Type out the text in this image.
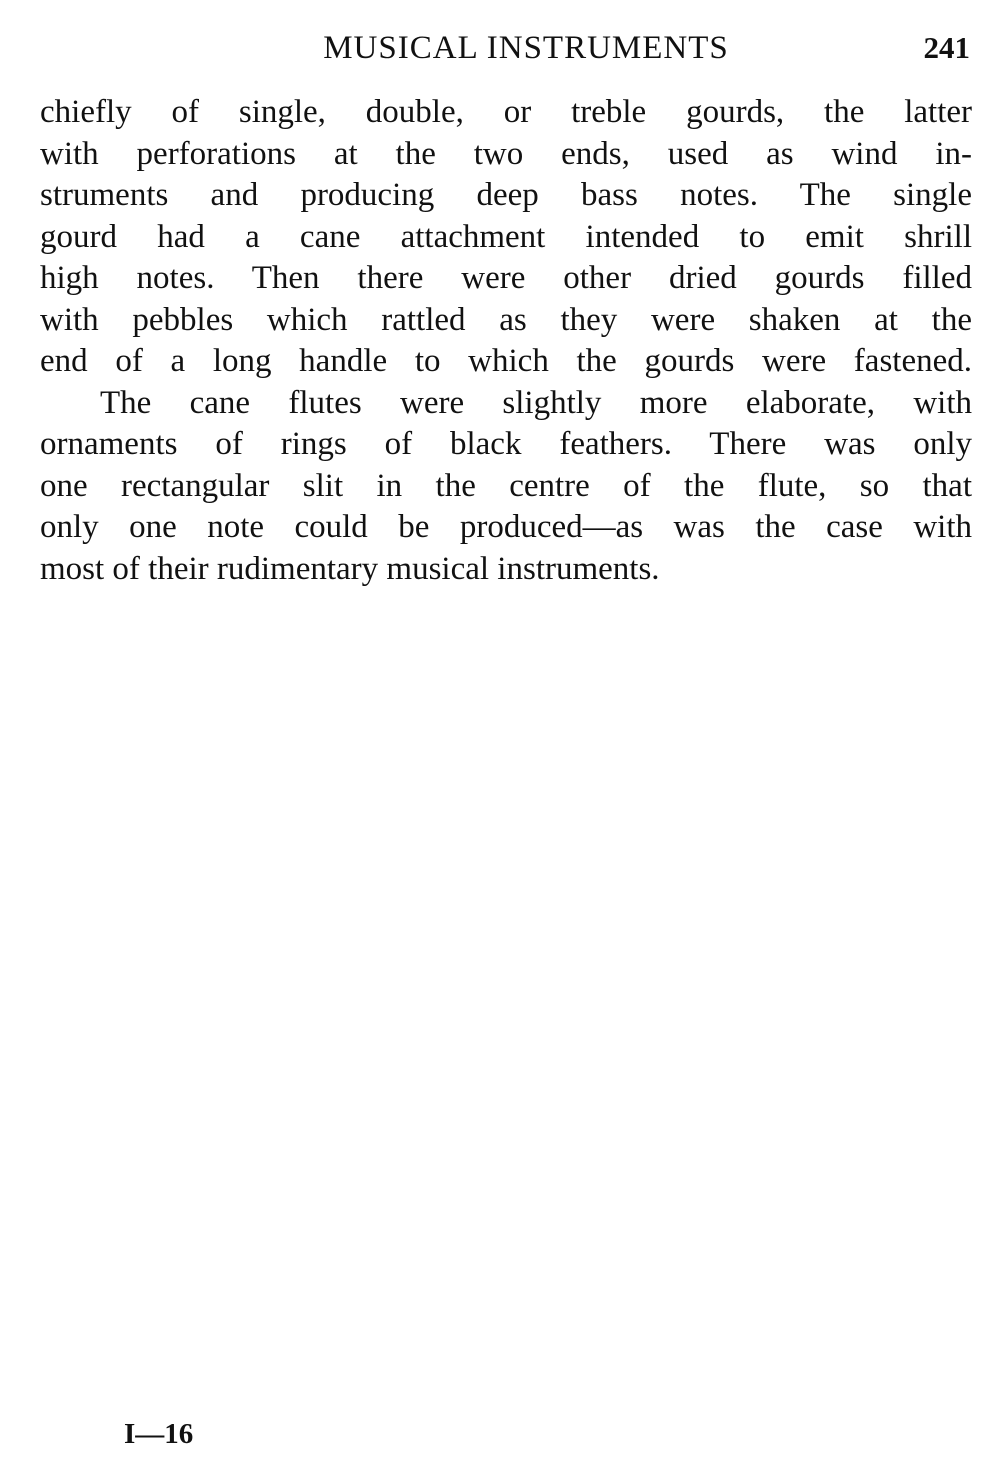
MUSICAL INSTRUMENTS	241
chiefly of single, double, or treble gourds, the latter
with perforations at the two ends, used as wind in-
struments and producing deep bass notes. The single
gourd had a cane attachment intended to emit shrill
high notes. Then there were other dried gourds filled
with pebbles which rattled as they were shaken at the
end of a long handle to which the gourds were fastened.
The cane flutes were slightly more elaborate, with
ornaments of rings of black feathers. There was only
one rectangular slit in the centre of the flute, so that
only one note could be produced—as was the case with
most of their rudimentary musical instruments.
I—16
